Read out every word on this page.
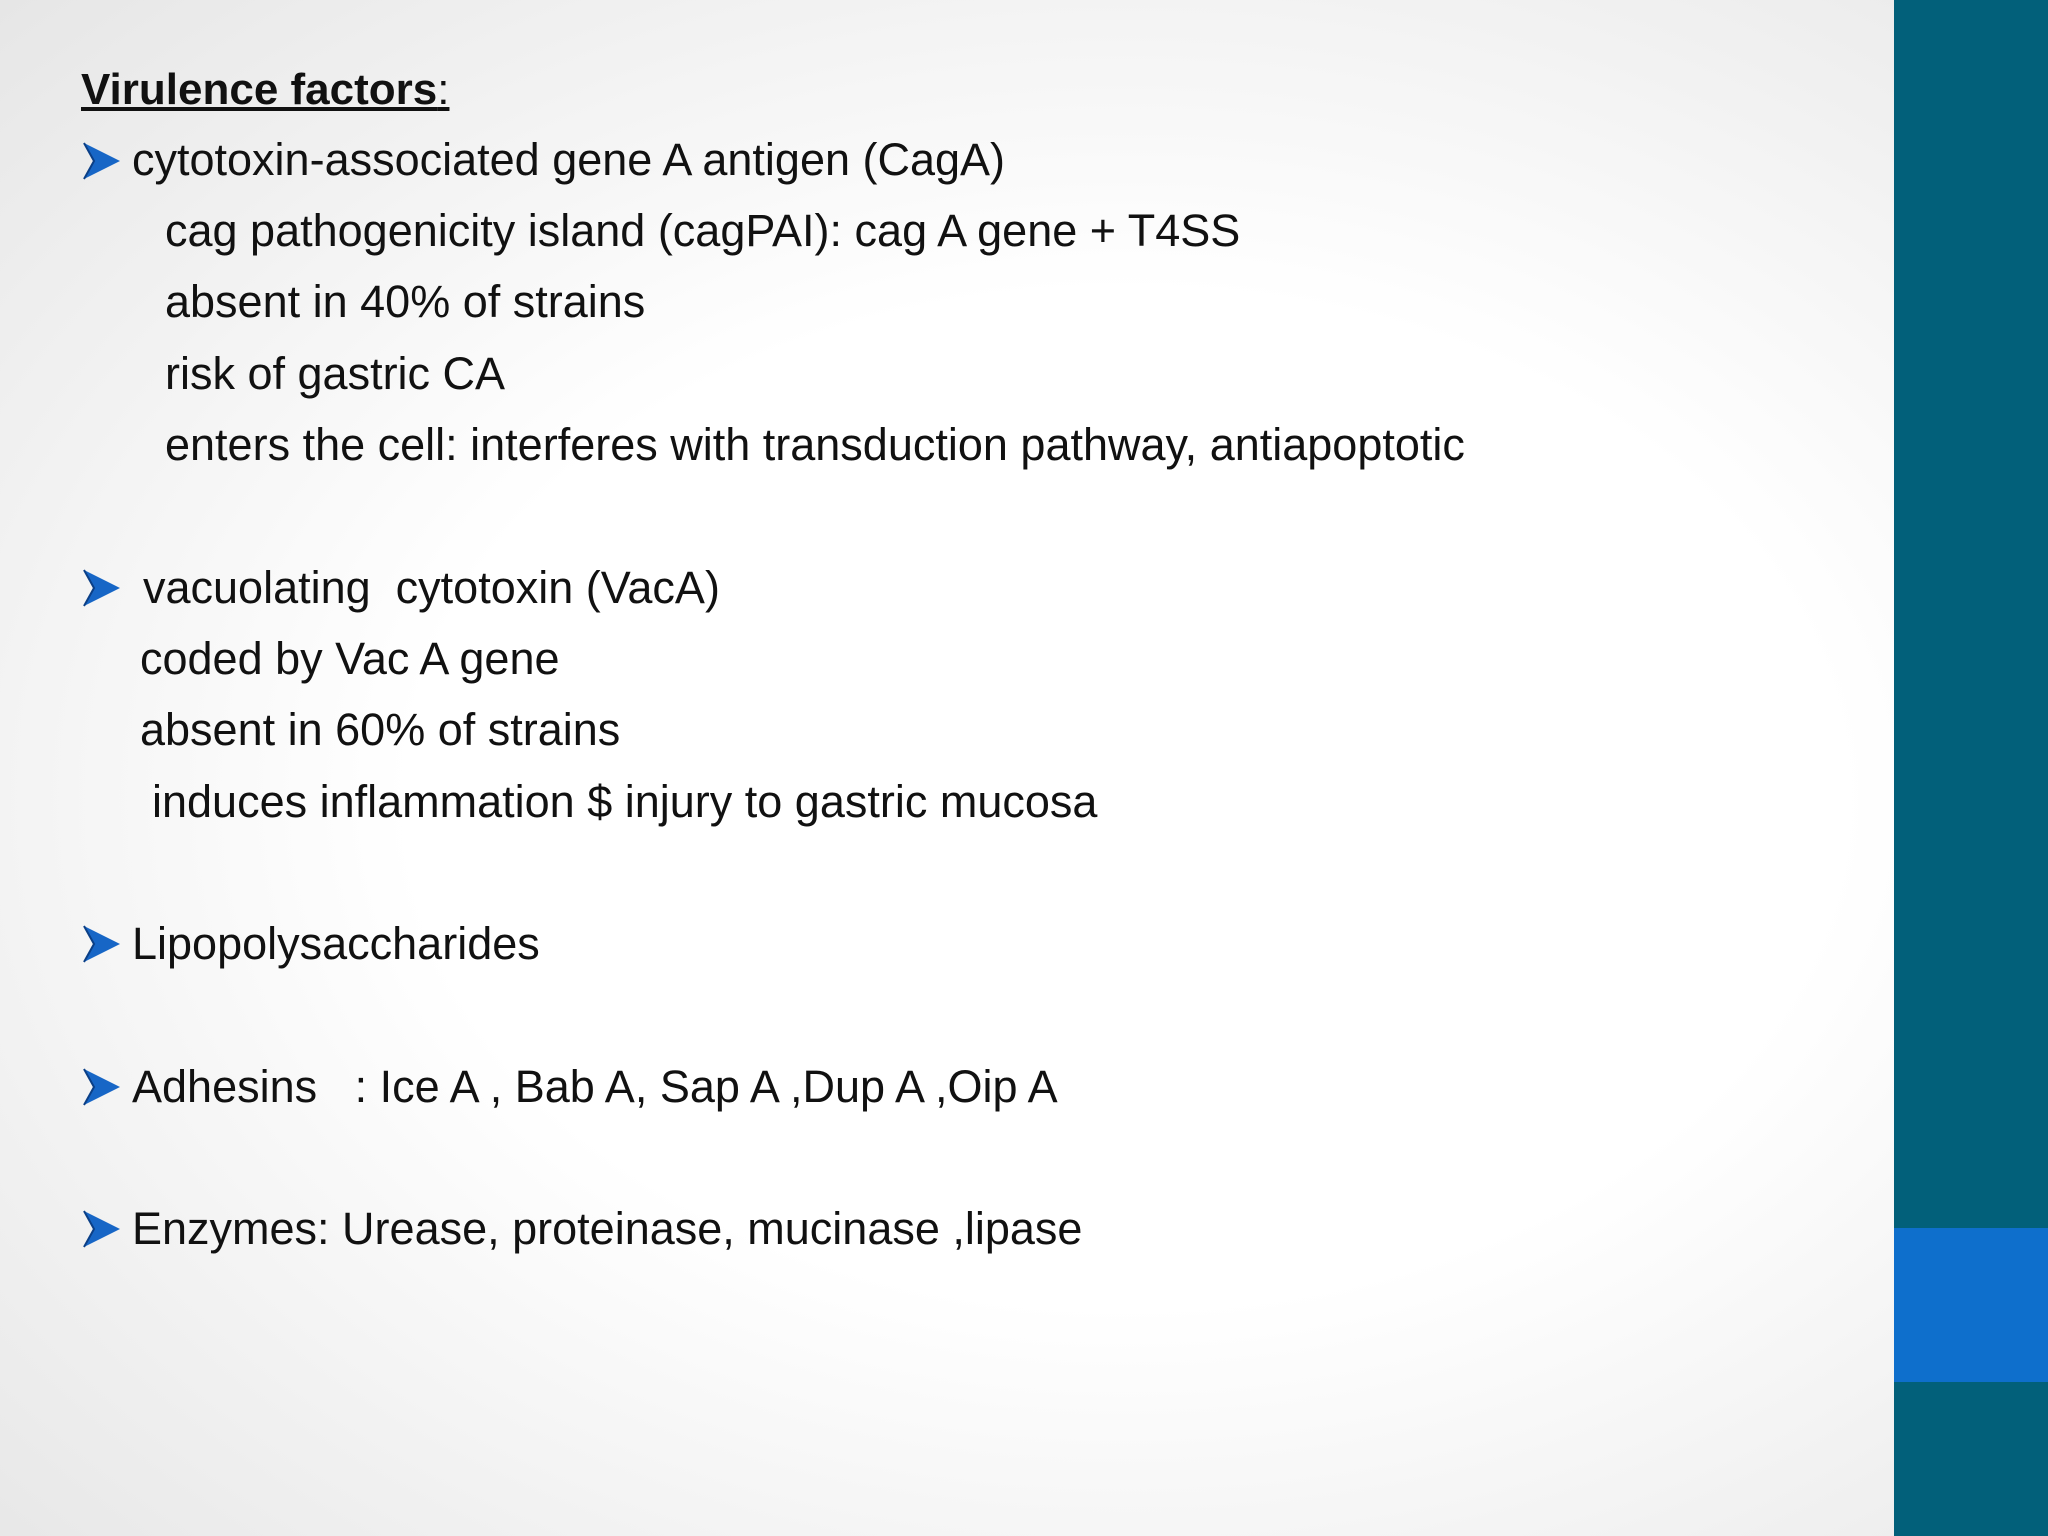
Virulence factors:
cytotoxin-associated gene A antigen (CagA)
cag pathogenicity island (cagPAI): cag A gene + T4SS
absent in 40% of strains
risk of gastric CA
enters the cell: interferes with transduction pathway, antiapoptotic
vacuolating  cytotoxin (VacA)
coded by Vac A gene
absent in 60% of strains
induces inflammation $ injury to gastric mucosa
Lipopolysaccharides
Adhesins   : Ice A , Bab A, Sap A ,Dup A ,Oip A
Enzymes: Urease, proteinase, mucinase ,lipase
